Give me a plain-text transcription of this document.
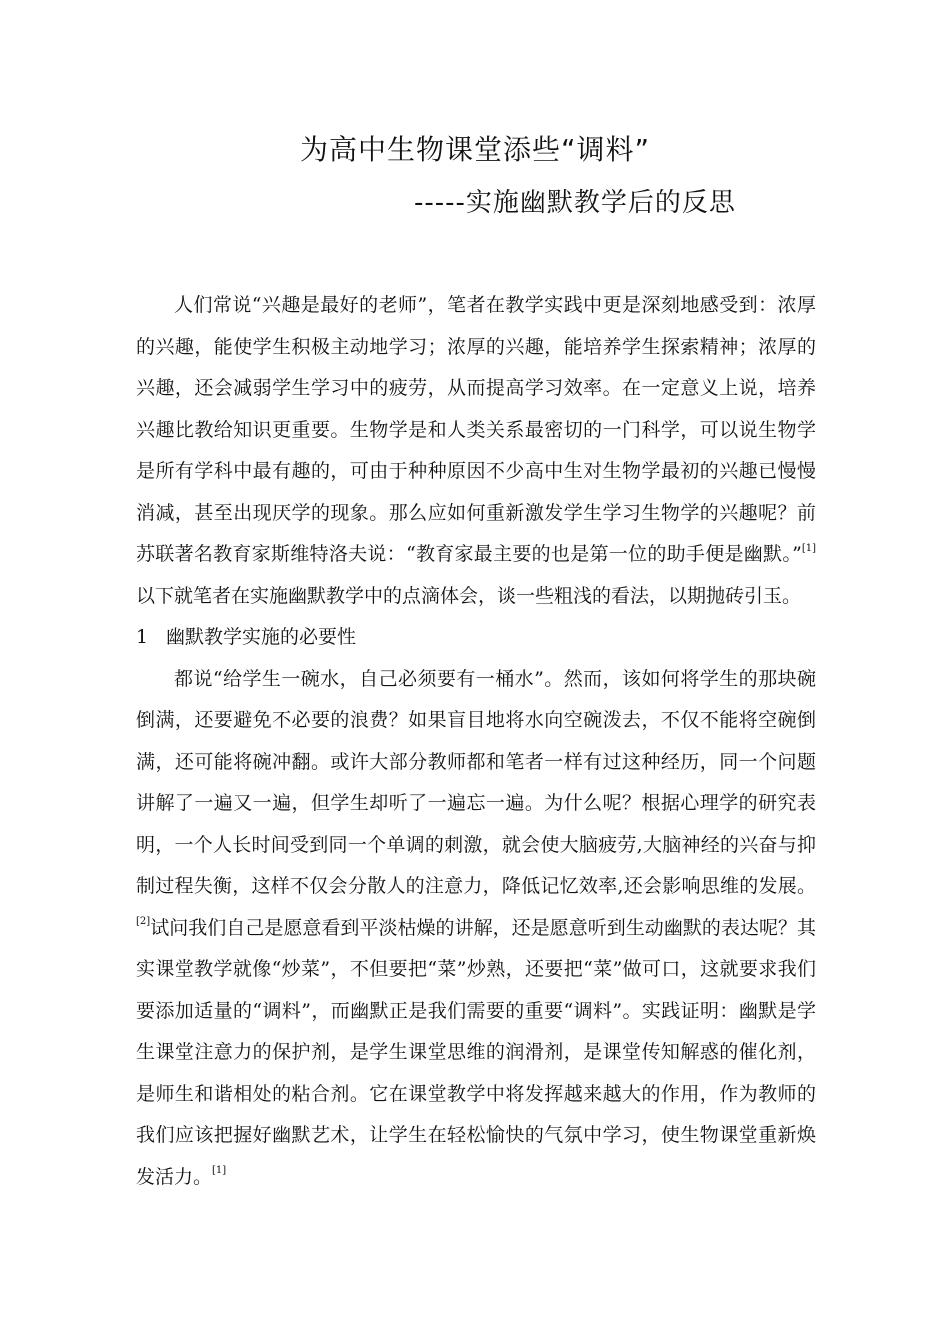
为高中生物课堂添些“调料”
-----实施幽默教学后的反思

人们常说“兴趣是最好的老师”，笔者在教学实践中更是深刻地感受到：浓厚的兴趣，能使学生积极主动地学习；浓厚的兴趣，能培养学生探索精神；浓厚的兴趣，还会减弱学生学习中的疲劳，从而提高学习效率。在一定意义上说，培养兴趣比教给知识更重要。生物学是和人类关系最密切的一门科学，可以说生物学是所有学科中最有趣的，可由于种种原因不少高中生对生物学最初的兴趣已慢慢消减，甚至出现厌学的现象。那么应如何重新激发学生学习生物学的兴趣呢？前苏联著名教育家斯维特洛夫说：“教育家最主要的也是第一位的助手便是幽默。”[1]以下就笔者在实施幽默教学中的点滴体会，谈一些粗浅的看法，以期抛砖引玉。

1 幽默教学实施的必要性

都说“给学生一碗水，自己必须要有一桶水”。然而，该如何将学生的那块碗倒满，还要避免不必要的浪费？如果盲目地将水向空碗泼去，不仅不能将空碗倒满，还可能将碗冲翻。或许大部分教师都和笔者一样有过这种经历，同一个问题讲解了一遍又一遍，但学生却听了一遍忘一遍。为什么呢？根据心理学的研究表明，一个人长时间受到同一个单调的刺激，就会使大脑疲劳,大脑神经的兴奋与抑制过程失衡，这样不仅会分散人的注意力，降低记忆效率,还会影响思维的发展。[2]试问我们自己是愿意看到平淡枯燥的讲解，还是愿意听到生动幽默的表达呢？其实课堂教学就像“炒菜”，不但要把“菜”炒熟，还要把“菜”做可口，这就要求我们要添加适量的“调料”，而幽默正是我们需要的重要“调料”。实践证明：幽默是学生课堂注意力的保护剂，是学生课堂思维的润滑剂，是课堂传知解惑的催化剂，是师生和谐相处的粘合剂。它在课堂教学中将发挥越来越大的作用，作为教师的我们应该把握好幽默艺术，让学生在轻松愉快的气氛中学习，使生物课堂重新焕发活力。[1]
